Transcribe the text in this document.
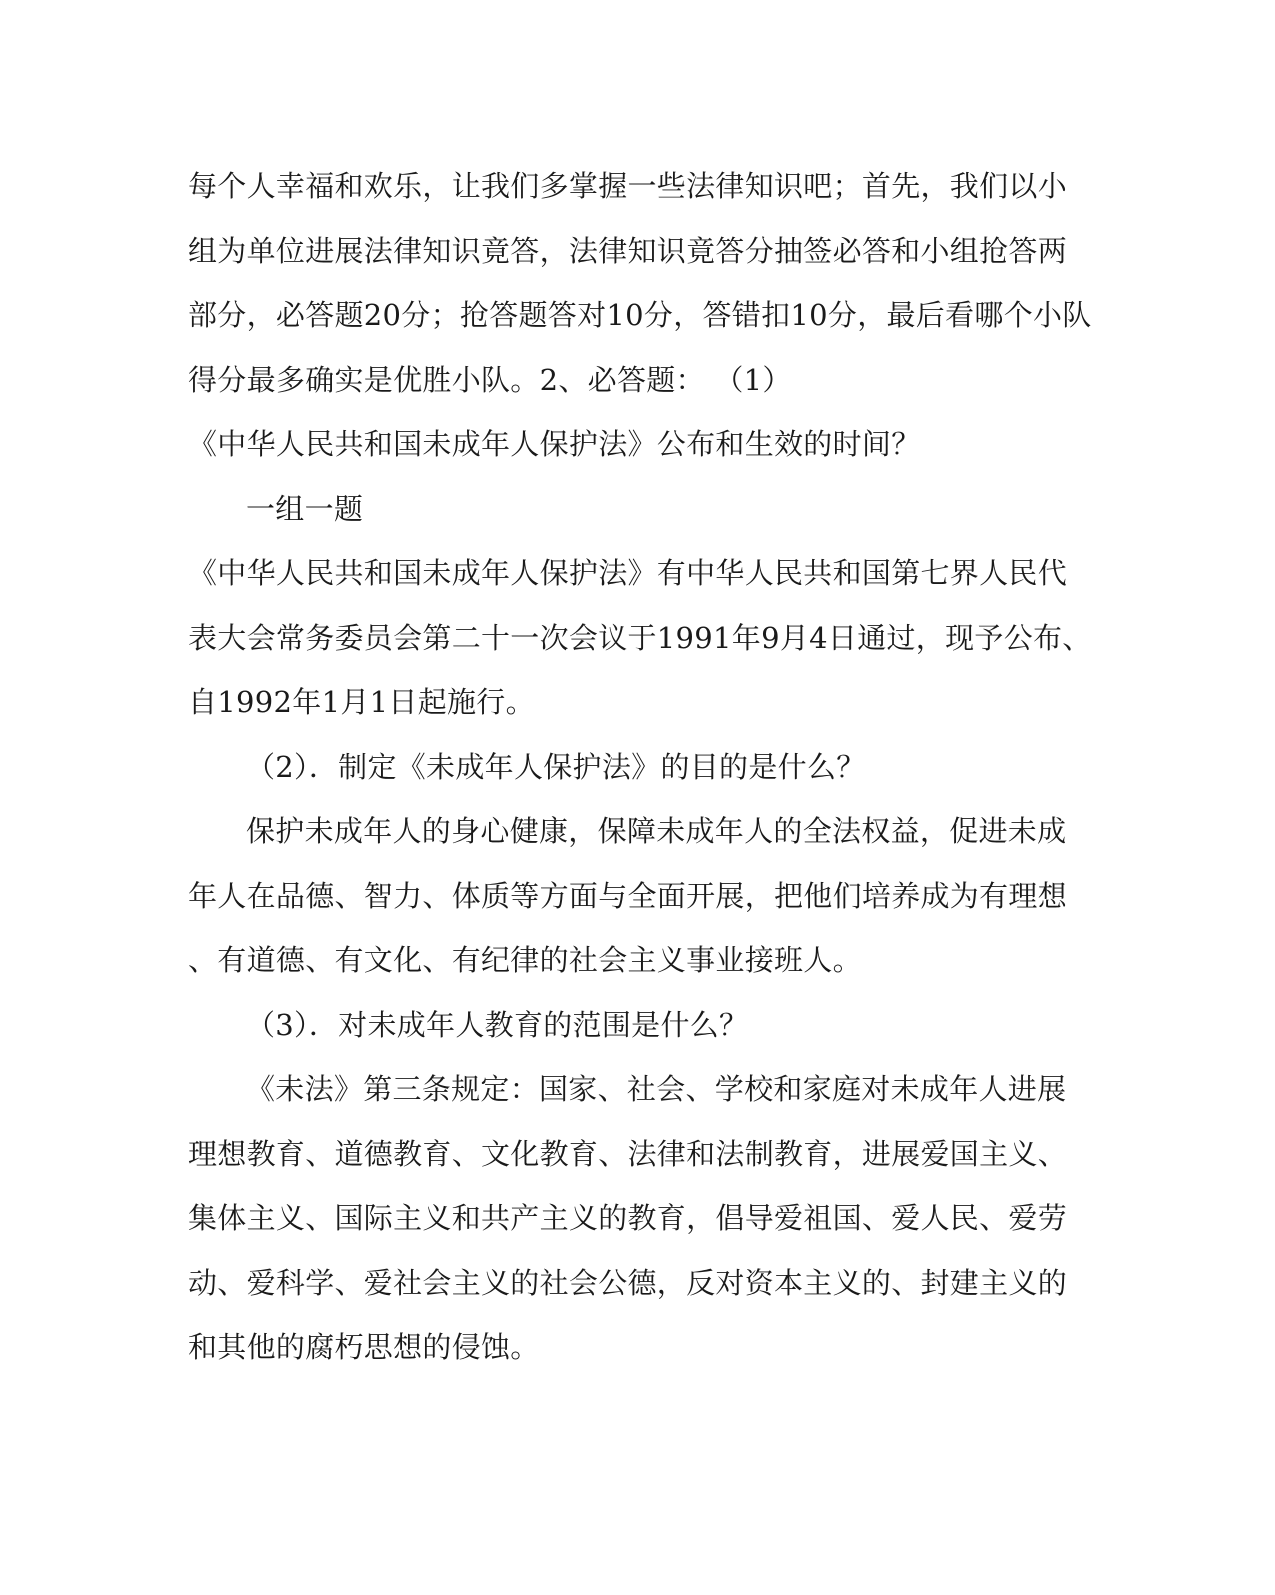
每个人幸福和欢乐，让我们多掌握一些法律知识吧；首先，我们以小
组为单位进展法律知识竟答，法律知识竟答分抽签必答和小组抢答两
部分，必答题20分；抢答题答对10分，答错扣10分，最后看哪个小队
得分最多确实是优胜小队。2、必答题： （1）
《中华人民共和国未成年人保护法》公布和生效的时间？
一组一题
《中华人民共和国未成年人保护法》有中华人民共和国第七界人民代
表大会常务委员会第二十一次会议于1991年9月4日通过，现予公布、
自1992年1月1日起施行。
（2）．制定《未成年人保护法》的目的是什么？
保护未成年人的身心健康，保障未成年人的全法权益，促进未成
年人在品德、智力、体质等方面与全面开展，把他们培养成为有理想
、有道德、有文化、有纪律的社会主义事业接班人。
（3）．对未成年人教育的范围是什么？
《未法》第三条规定：国家、社会、学校和家庭对未成年人进展
理想教育、道德教育、文化教育、法律和法制教育，进展爱国主义、
集体主义、国际主义和共产主义的教育，倡导爱祖国、爱人民、爱劳
动、爱科学、爱社会主义的社会公德，反对资本主义的、封建主义的
和其他的腐朽思想的侵蚀。
